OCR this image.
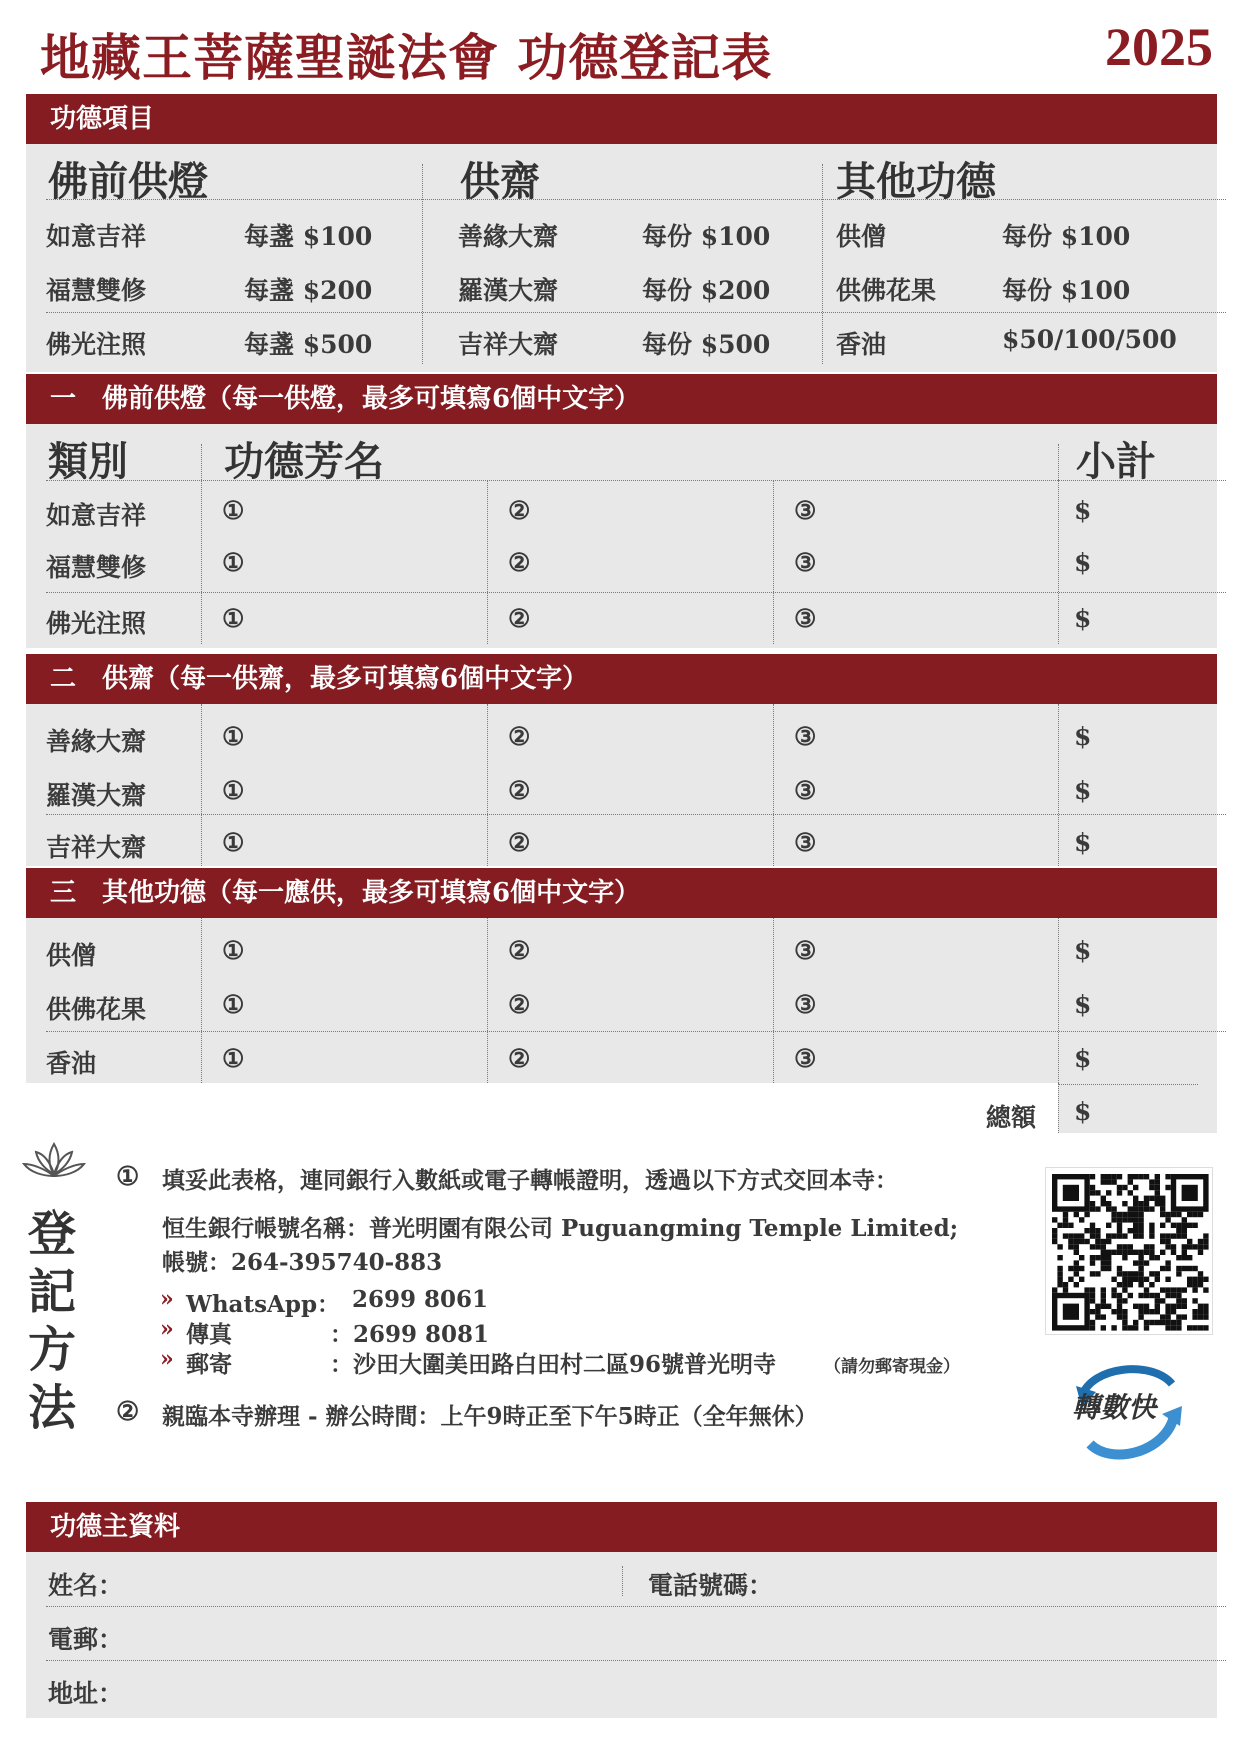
地藏王菩薩聖誕法會 功德登記表	2025
功德項目
佛前供燈	供齋	其他功德
如意吉祥	每盞 $100
福慧雙修	每盞 $200
佛光注照	每盞 $500
善緣大齋	每份 $100
羅漢大齋	每份 $200
吉祥大齋	每份 $500
供僧	每份 $100
供佛花果	每份 $100
香油	$50/100/500
一　佛前供燈（每一供燈，最多可填寫6個中文字）
類別 功德芳名	小計
如意吉祥	①	②	③	$
福慧雙修	①	②	③	$
佛光注照	①	②	③	$
二　供齋（每一供齋，最多可填寫6個中文字）
善緣大齋	①	②	③	$
羅漢大齋	①	②	③	$
吉祥大齋	①	②	③	$
三　其他功德（每一應供，最多可填寫6個中文字）
供僧	①	②	③	$
供佛花果	①	②	③	$
香油	①	②	③	$
總額 $
登
記
方
法
① 填妥此表格，連同銀行入數紙或電子轉帳證明，透過以下方式交回本寺：
恒生銀行帳號名稱：普光明園有限公司 Puguangming Temple Limited;
帳號：264-395740-883
» WhatsApp： 2699 8061
» 傳真	：2699 8081
» 郵寄	：沙田大圍美田路白田村二區96號普光明寺	（請勿郵寄現金）
② 親臨本寺辦理 - 辦公時間：上午9時正至下午5時正（全年無休）	轉數快
功德主資料
姓名：	電話號碼：
電郵：
地址：
